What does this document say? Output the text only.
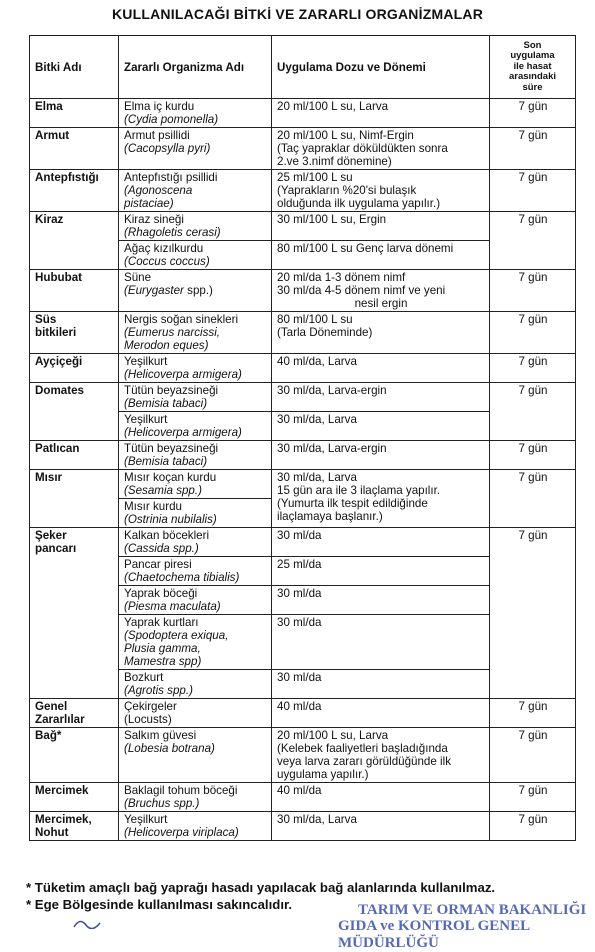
KULLANILACAĞI BİTKİ VE ZARARLI ORGANİZMALAR
Bitki Adı	Zararlı Organizma Adı	Uygulama Dozu ve Dönemi	Son
uygulama
ile hasat
arasındaki
süre

Elma	Elma iç kurdu
(Cydia pomonella)	20 ml/100 L su, Larva	7 gün
Armut	Armut psillidi
(Cacopsylla pyri)	20 ml/100 L su, Nimf-Ergin
(Taç yapraklar döküldükten sonra
2.ve 3.nimf dönemine)	7 gün
Antepfıstığı	Antepfıstığı psillidi
(Agonoscena
pistaciae)	25 ml/100 L su
(Yaprakların %20'si bulaşık
olduğunda ilk uygulama yapılır.)	7 gün
Kiraz	Kiraz sineği
(Rhagoletis cerasi)	30 ml/100 L su, Ergin	7 gün

	Ağaç kızılkurdu
(Coccus coccus)	80 ml/100 L su Genç larva dönemi	
Hububat	Süne
(Eurygaster spp.)	20 ml/da 1-3 dönem nimf
30 ml/da 4-5 dönem nimf ve yeni
nesil ergin	7 gün

Süs
bitkileri	Nergis soğan sinekleri
(Eumerus narcissi,
Merodon eques)	80 ml/100 L su
(Tarla Döneminde)	7 gün
Ayçiçeği	Yeşilkurt
(Helicoverpa armigera)	40 ml/da, Larva	7 gün
Domates	Tütün beyazsineği
(Bemisia tabaci)	30 ml/da, Larva-ergin	7 gün

	Yeşilkurt
(Helicoverpa armigera)	30 ml/da, Larva	
Patlıcan	Tütün beyazsineği
(Bemisia tabaci)	30 ml/da, Larva-ergin	7 gün
Mısır	Mısır koçan kurdu
(Sesamia spp.)	30 ml/da, Larva
15 gün ara ile 3 ilaçlama yapılır.
(Yumurta ilk tespit edildiğinde
ilaçlamaya başlanır.)	7 gün

	Mısır kurdu
(Ostrinia nubilalis)		

Şeker
pancarı	Kalkan böcekleri
(Cassida spp.)	30 ml/da	7 gün

	Pancar piresi
(Chaetochema tibialis)	25 ml/da	

	Yaprak böceği
(Piesma maculata)	30 ml/da	

	Yaprak kurtları
(Spodoptera exiqua,
Plusia gamma,
Mamestra spp)	30 ml/da	

	Bozkurt
(Agrotis spp.)	30 ml/da	

Genel
Zararlılar	Çekirgeler
(Locusts)	40 ml/da	7 gün
Bağ*	Salkım güvesi
(Lobesia botrana)	20 ml/100 L su, Larva
(Kelebek faaliyetleri başladığında
veya larva zararı görüldüğünde ilk
uygulama yapılır.)	7 gün
Mercimek	Baklagil tohum böceği
(Bruchus spp.)	40 ml/da	7 gün

Mercimek,
Nohut	Yeşilkurt
(Helicoverpa viriplaca)	30 ml/da, Larva	7 gün
* Tüketim amaçlı bağ yaprağı hasadı yapılacak bağ alanlarında kullanılmaz.
* Ege Bölgesinde kullanılması sakıncalıdır.	TARIM VE ORMAN BAKANLIĞI
GIDA ve KONTROL GENEL MÜDÜRLÜĞÜ
